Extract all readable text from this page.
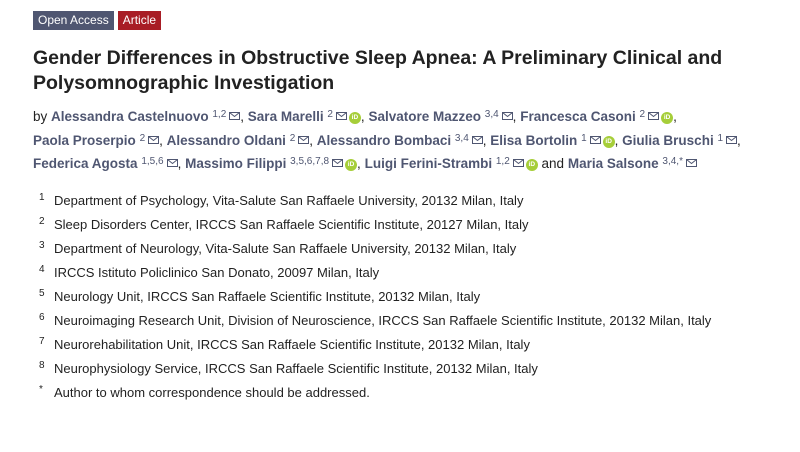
Open Access	Article
Gender Differences in Obstructive Sleep Apnea: A Preliminary Clinical and Polysomnographic Investigation
by Alessandra Castelnuovo $^{1,2}$ , Sara Marelli $^2$	iD , Salvatore Mazzeo $^{3,4}$ , Francesca Casoni $^2$	iD , Paola Proserpio $^2$ , Alessandro Oldani $^2$ , Alessandro Bombaci $^{3,4}$ , Elisa Bortolin $^1$	iD , Giulia Bruschi $^1$ , Federica Agosta $^{1,5,6}$ , Massimo Filippi $^{3,5,6,7,8}$	iD , Luigi Ferini-Strambi $^{1,2}$	iD and Maria Salsone $^{3,4,*}$
1 Department of Psychology, Vita-Salute San Raffaele University, 20132 Milan, Italy
2 Sleep Disorders Center, IRCCS San Raffaele Scientific Institute, 20127 Milan, Italy
3 Department of Neurology, Vita-Salute San Raffaele University, 20132 Milan, Italy
4 IRCCS Istituto Policlinico San Donato, 20097 Milan, Italy
5 Neurology Unit, IRCCS San Raffaele Scientific Institute, 20132 Milan, Italy
6 Neuroimaging Research Unit, Division of Neuroscience, IRCCS San Raffaele Scientific Institute, 20132 Milan, Italy
7 Neurorehabilitation Unit, IRCCS San Raffaele Scientific Institute, 20132 Milan, Italy
8 Neurophysiology Service, IRCCS San Raffaele Scientific Institute, 20132 Milan, Italy
* Author to whom correspondence should be addressed.
